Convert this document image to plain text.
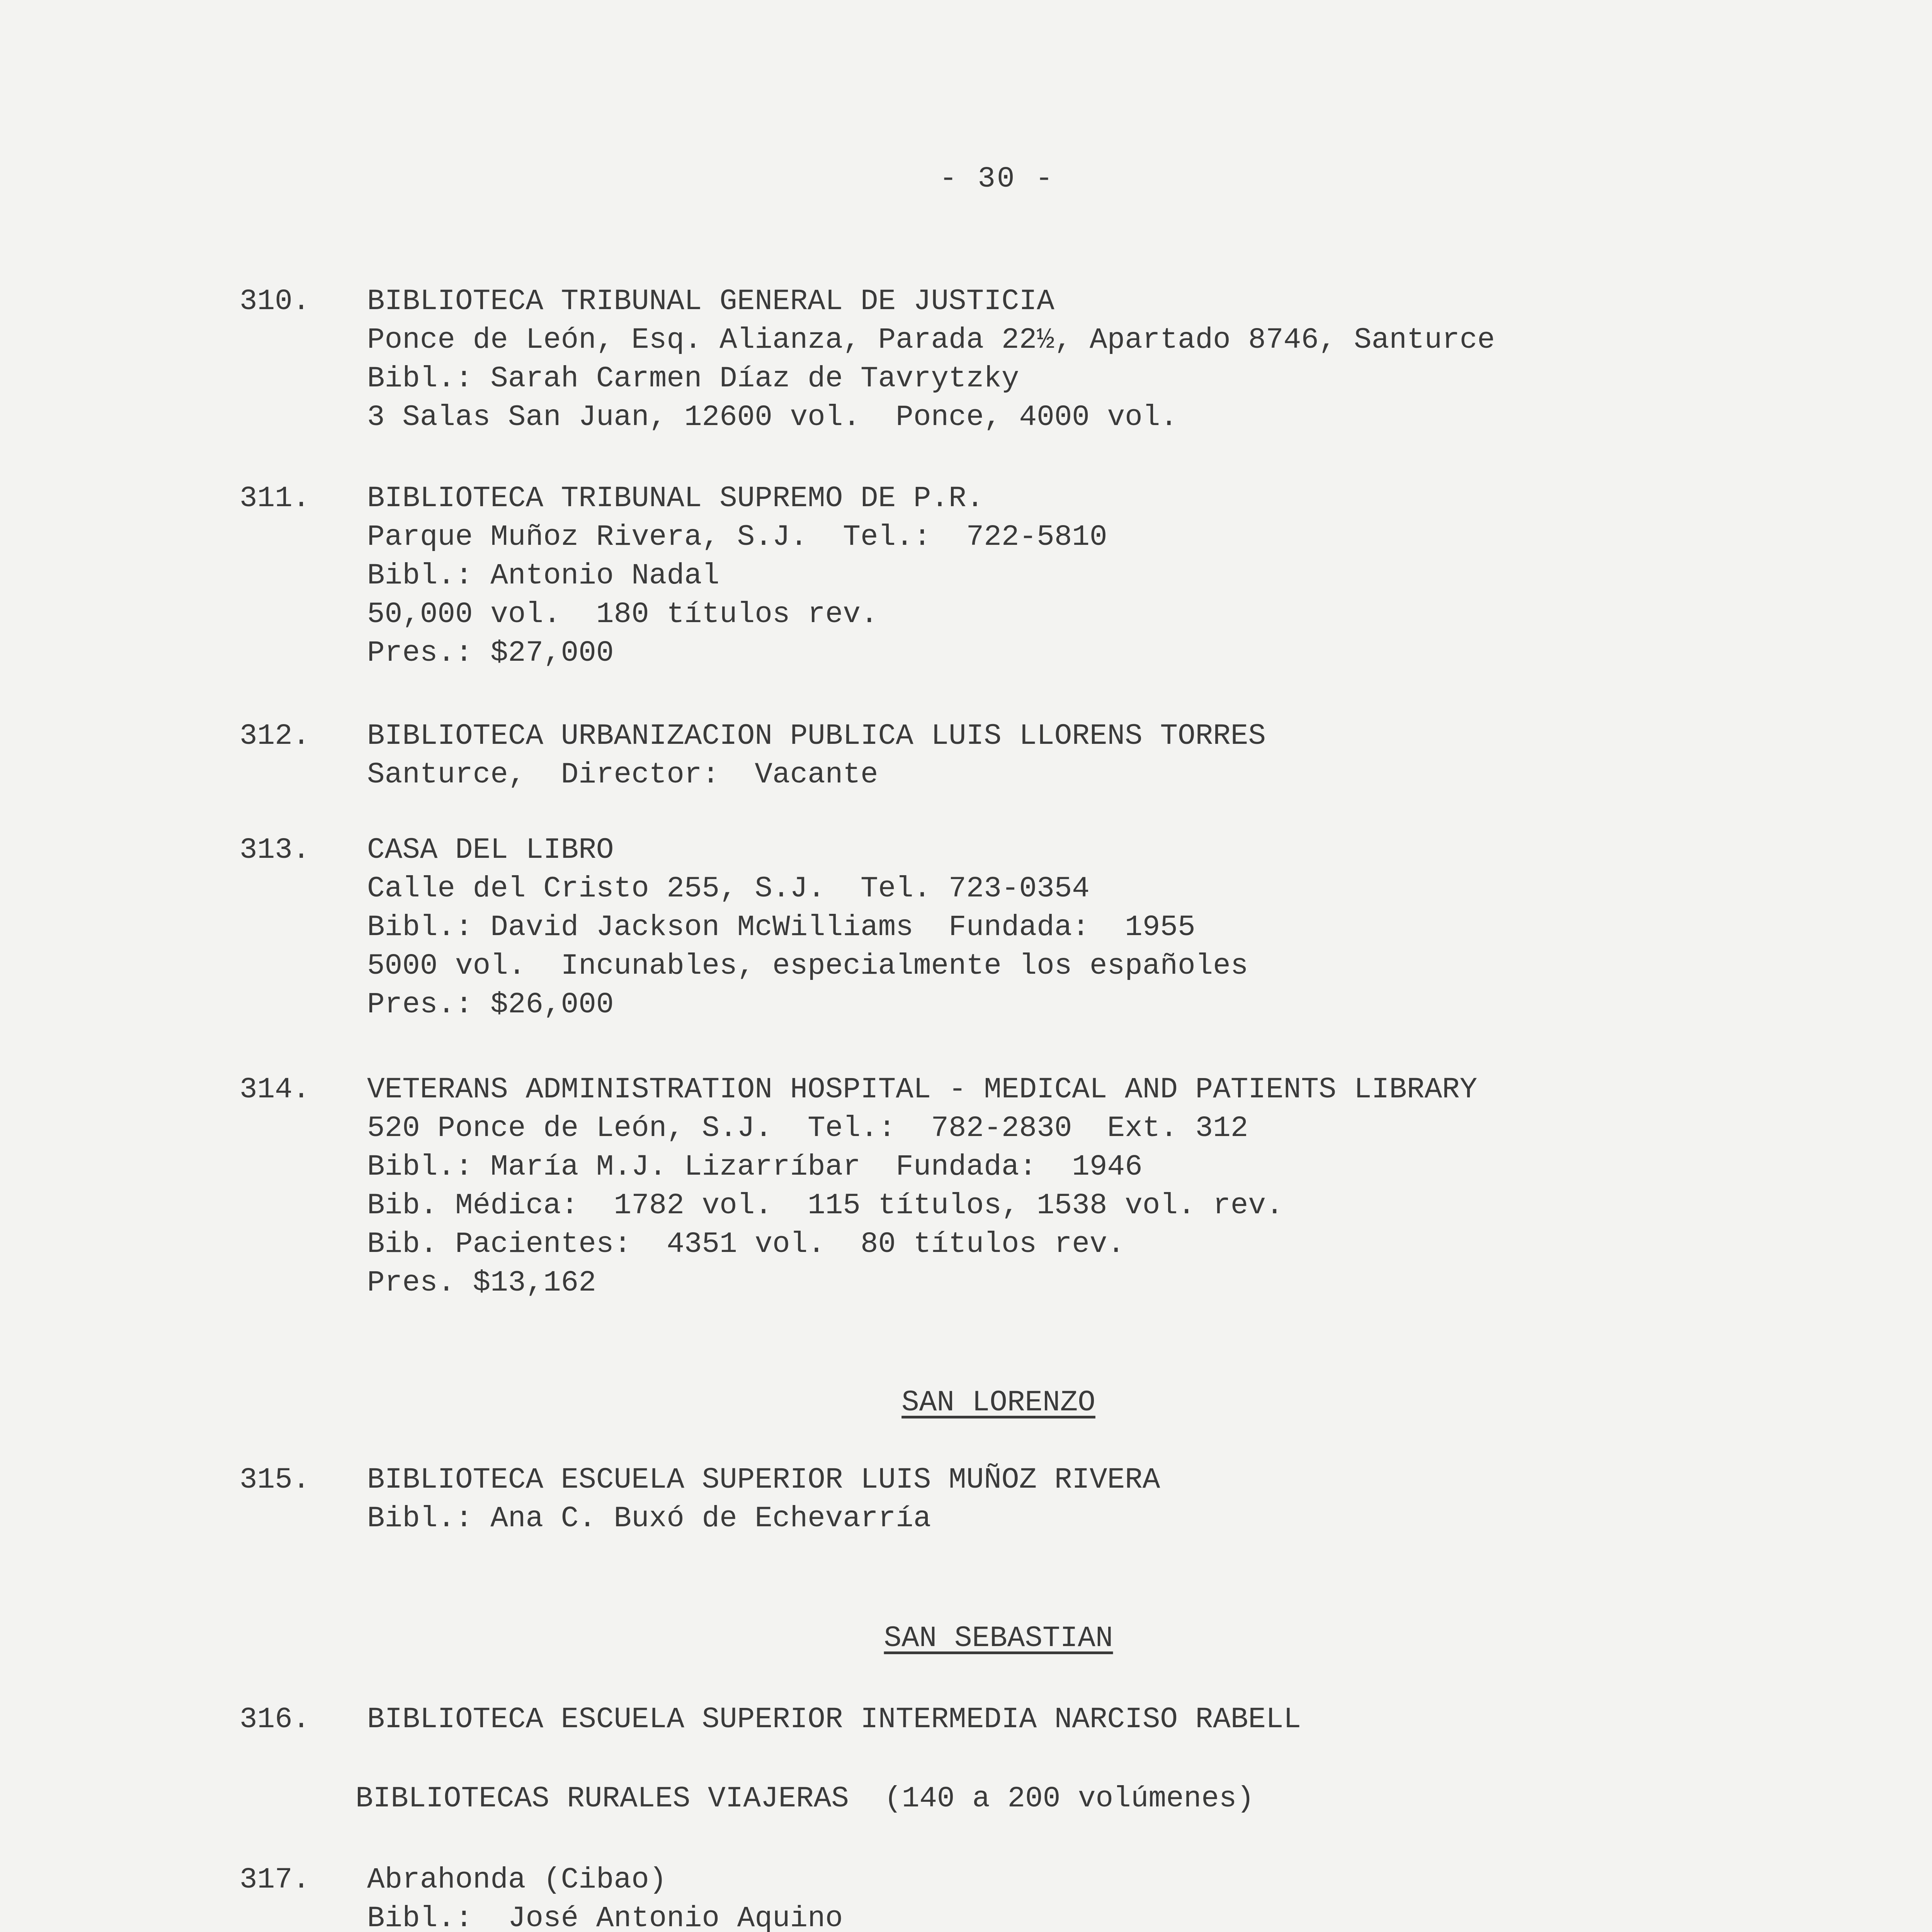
- 30 -
310.	BIBLIOTECA TRIBUNAL GENERAL DE JUSTICIA
Ponce de León, Esq. Alianza, Parada 22½, Apartado 8746, Santurce
Bibl.: Sarah Carmen Díaz de Tavrytzky
3 Salas San Juan, 12600 vol.  Ponce, 4000 vol.
311.	BIBLIOTECA TRIBUNAL SUPREMO DE P.R.
Parque Muñoz Rivera, S.J.  Tel.:  722-5810
Bibl.: Antonio Nadal
50,000 vol.  180 títulos rev.
Pres.: $27,000
312.	BIBLIOTECA URBANIZACION PUBLICA LUIS LLORENS TORRES
Santurce,  Director:  Vacante
313.	CASA DEL LIBRO
Calle del Cristo 255, S.J.  Tel. 723-0354
Bibl.: David Jackson McWilliams  Fundada:  1955
5000 vol.  Incunables, especialmente los españoles
Pres.: $26,000
314.	VETERANS ADMINISTRATION HOSPITAL - MEDICAL AND PATIENTS LIBRARY
520 Ponce de León, S.J.  Tel.:  782-2830  Ext. 312
Bibl.: María M.J. Lizarríbar  Fundada:  1946
Bib. Médica:  1782 vol.  115 títulos, 1538 vol. rev.
Bib. Pacientes:  4351 vol.  80 títulos rev.
Pres. $13,162
SAN LORENZO
315.	BIBLIOTECA ESCUELA SUPERIOR LUIS MUÑOZ RIVERA
Bibl.: Ana C. Buxó de Echevarría
SAN SEBASTIAN
316.	BIBLIOTECA ESCUELA SUPERIOR INTERMEDIA NARCISO RABELL
BIBLIOTECAS RURALES VIAJERAS  (140 a 200 volúmenes)
317.	Abrahonda (Cibao)
Bibl.:  José Antonio Aquino
